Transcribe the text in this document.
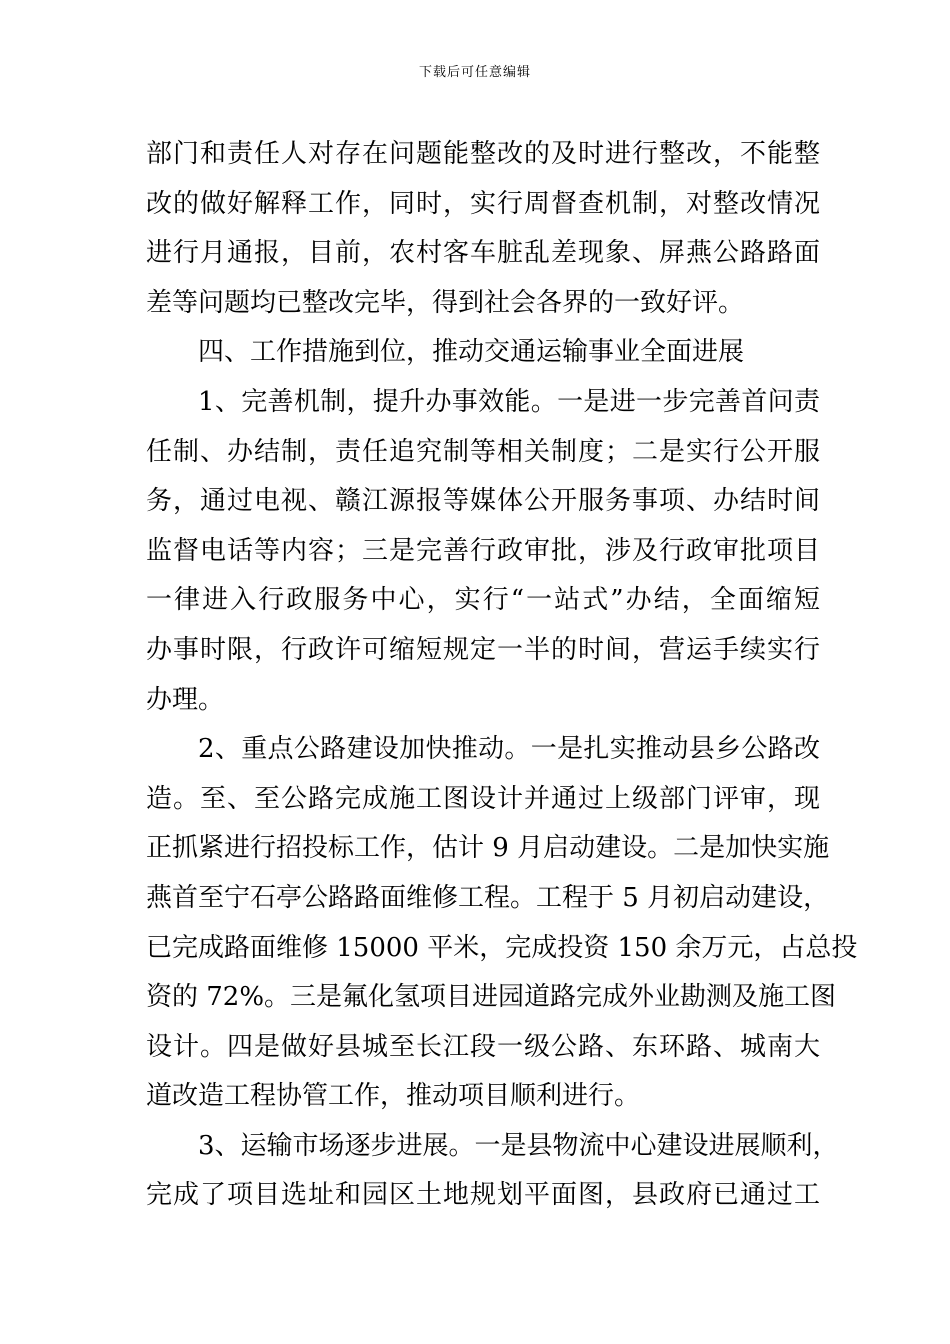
下载后可任意编辑
部门和责任人对存在问题能整改的及时进行整改，不能整
改的做好解释工作，同时，实行周督查机制，对整改情况
进行月通报，目前，农村客车脏乱差现象、屏燕公路路面
差等问题均已整改完毕，得到社会各界的一致好评。
四、工作措施到位，推动交通运输事业全面进展
1、完善机制，提升办事效能。一是进一步完善首问责
任制、办结制，责任追究制等相关制度；二是实行公开服
务，通过电视、赣江源报等媒体公开服务事项、办结时间
监督电话等内容；三是完善行政审批，涉及行政审批项目
一律进入行政服务中心，实行“一站式”办结，全面缩短
办事时限，行政许可缩短规定一半的时间，营运手续实行
办理。
2、重点公路建设加快推动。一是扎实推动县乡公路改
造。至、至公路完成施工图设计并通过上级部门评审，现
正抓紧进行招投标工作，估计 9 月启动建设。二是加快实施
燕首至宁石亭公路路面维修工程。工程于 5 月初启动建设，
已完成路面维修 15000 平米，完成投资 150 余万元，占总投
资的 72%。三是氟化氢项目进园道路完成外业勘测及施工图
设计。四是做好县城至长江段一级公路、东环路、城南大
道改造工程协管工作，推动项目顺利进行。
3、运输市场逐步进展。一是县物流中心建设进展顺利，
完成了项目选址和园区土地规划平面图，县政府已通过工
